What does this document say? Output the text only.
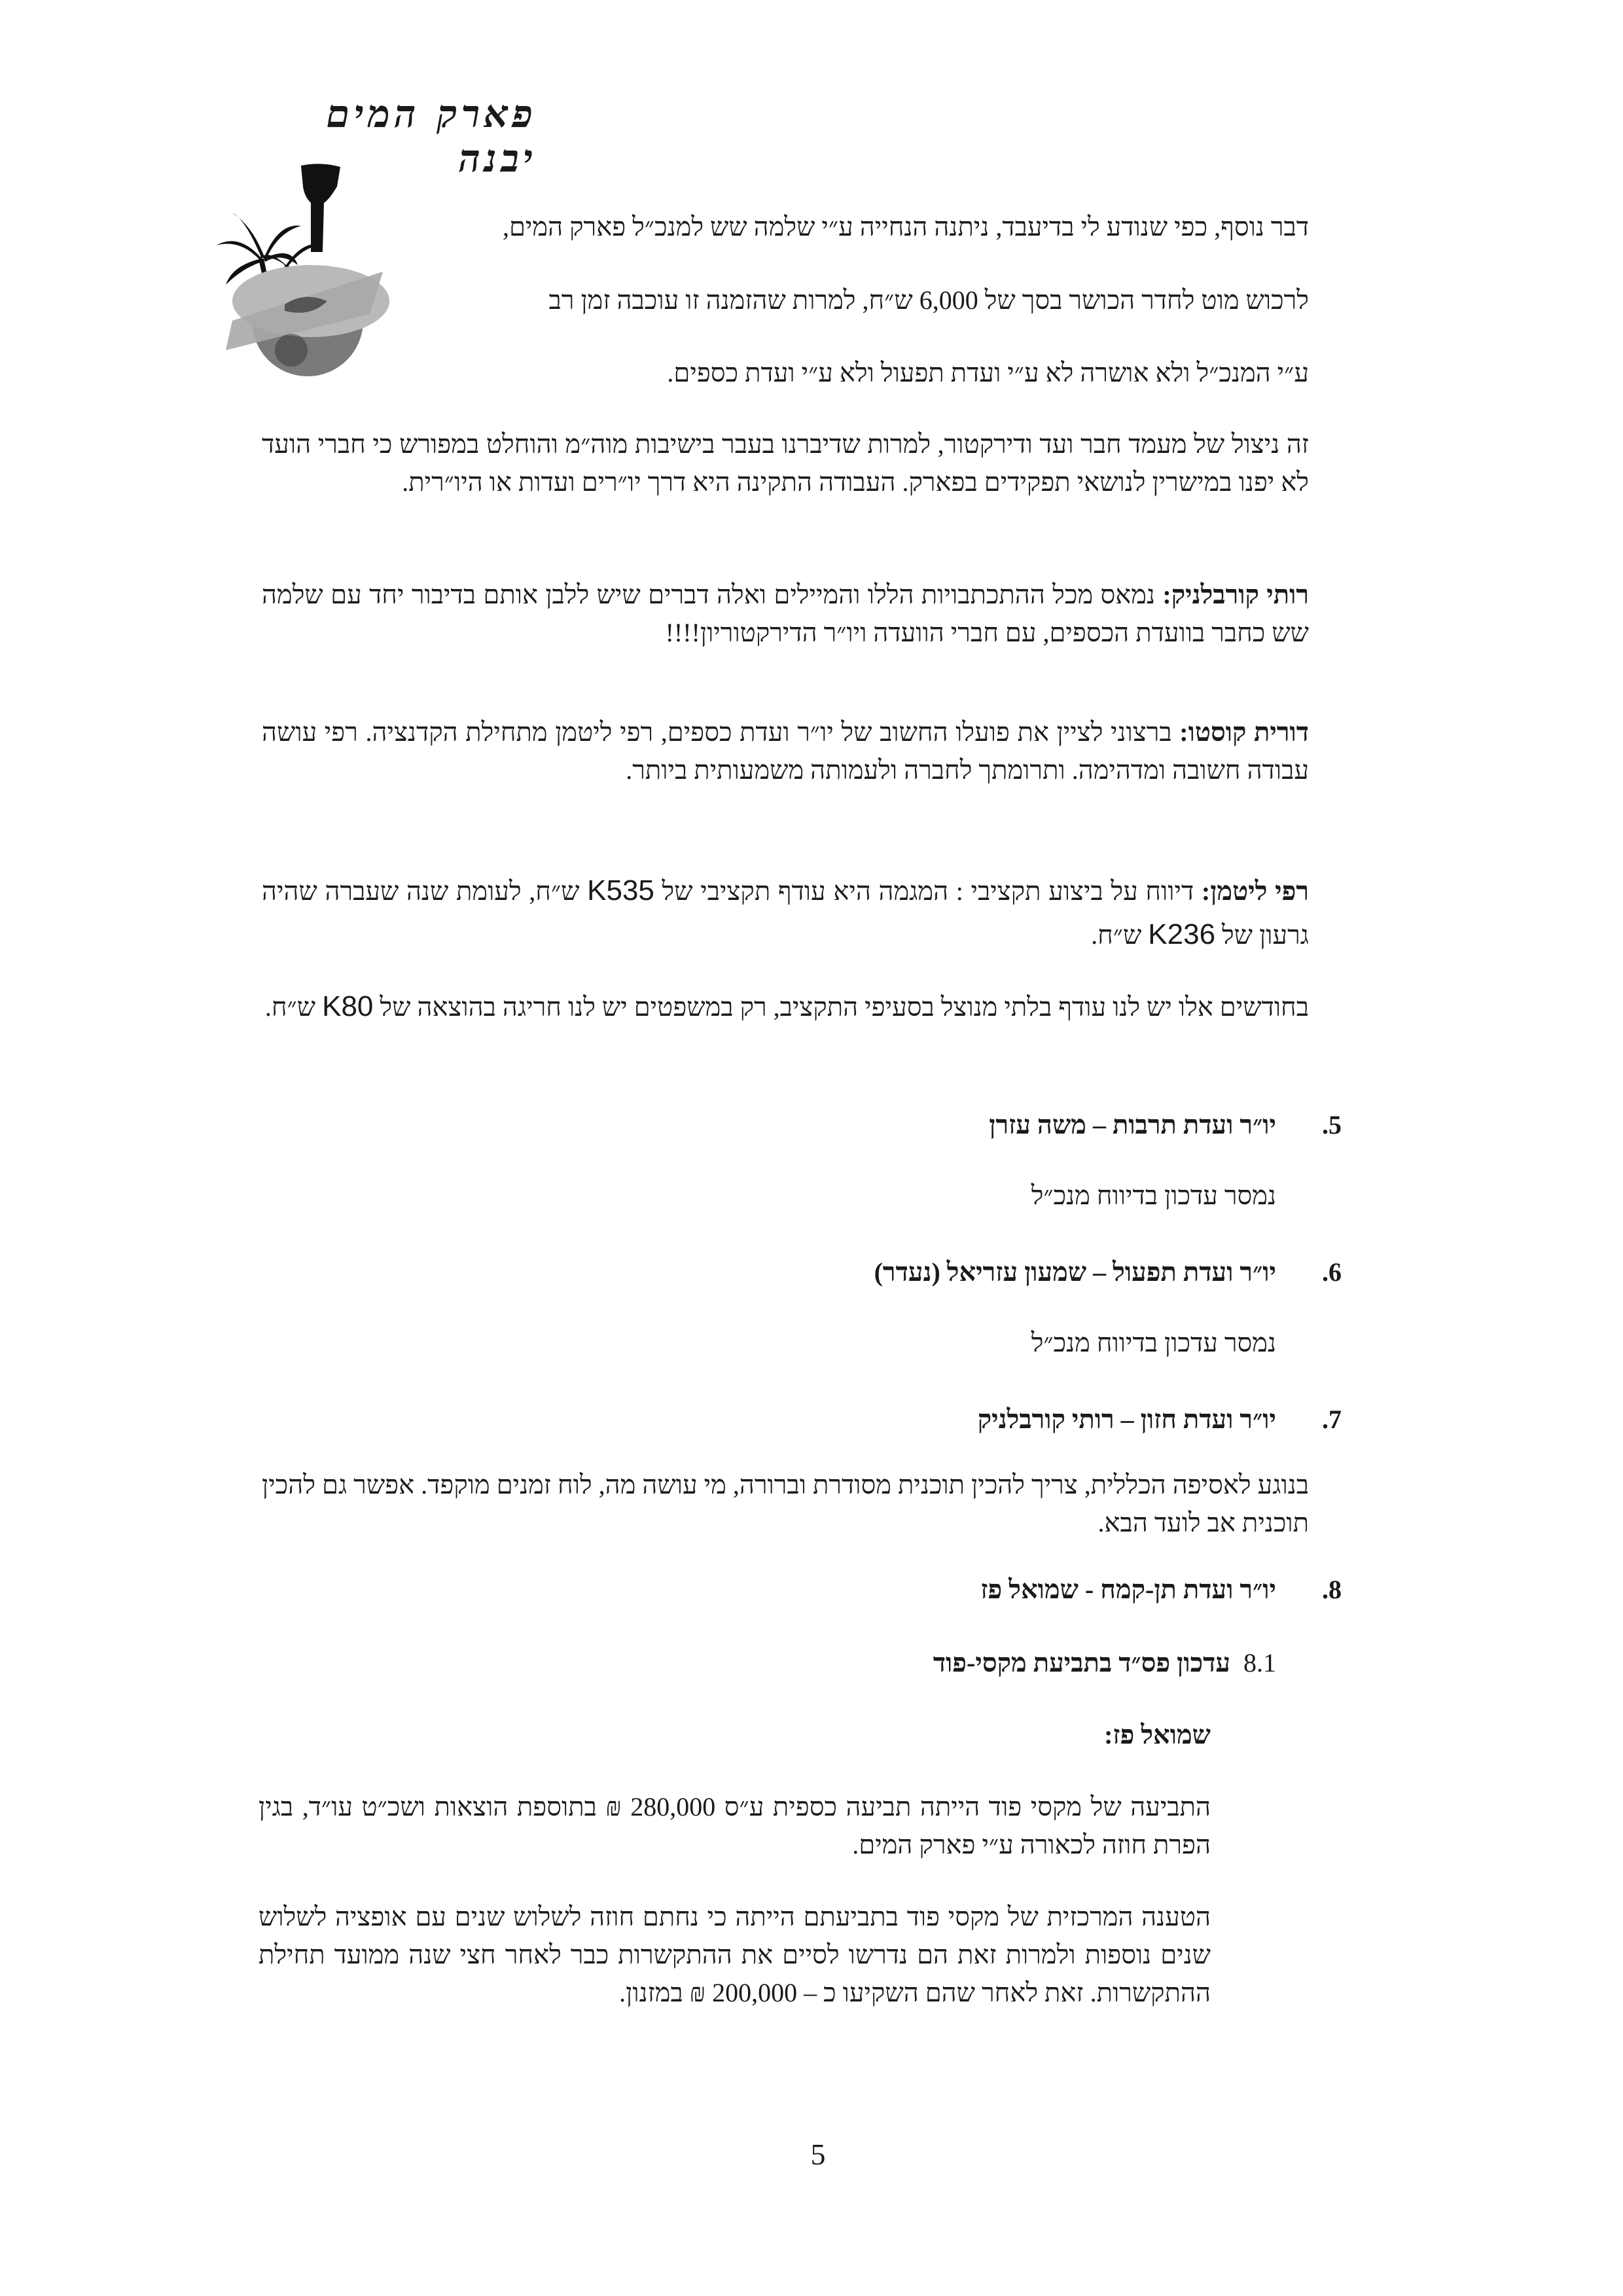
פארק המים יבנה
דבר נוסף, כפי שנודע לי בדיעבד, ניתנה הנחייה ע״י שלמה שש למנכ״ל פארק המים,
לרכוש מוט לחדר הכושר בסך של 6,000 ש״ח, למרות שהזמנה זו עוכבה זמן רב
ע״י המנכ״ל ולא אושרה לא ע״י ועדת תפעול ולא ע״י ועדת כספים.
זה ניצול של מעמד חבר ועד ודירקטור, למרות שדיברנו בעבר בישיבות מוה״מ והוחלט במפורש כי חברי הועד לא יפנו במישרין לנושאי תפקידים בפארק. העבודה התקינה היא דרך יו״רים ועדות או היו״רית.
רותי קורבלניק: נמאס מכל ההתכתבויות הללו והמיילים ואלה דברים שיש ללבן אותם בדיבור יחד עם שלמה שש כחבר בוועדת הכספים, עם חברי הוועדה ויו״ר הדירקטוריון!!!!
דורית קוסטו: ברצוני לציין את פועלו החשוב של יו״ר ועדת כספים, רפי ליטמן מתחילת הקדנציה. רפי עושה עבודה חשובה ומדהימה. ותרומתך לחברה ולעמותה משמעותית ביותר.
רפי ליטמן: דיווח על ביצוע תקציבי : המגמה היא עודף תקציבי של K535 ש״ח, לעומת שנה שעברה שהיה גרעון של K236 ש״ח.
בחודשים אלו יש לנו עודף בלתי מנוצל בסעיפי התקציב, רק במשפטים יש לנו חריגה בהוצאה של K80 ש״ח.
5.   יו״ר ועדת תרבות – משה עזרן
נמסר עדכון בדיווח מנכ״ל
6.   יו״ר ועדת תפעול – שמעון עזריאל (נעדר)
נמסר עדכון בדיווח מנכ״ל
7.   יו״ר ועדת חזון – רותי קורבלניק
בנוגע לאסיפה הכללית, צריך להכין תוכנית מסודרת וברורה, מי עושה מה, לוח זמנים מוקפד. אפשר גם להכין תוכנית אב לועד הבא.
8.   יו״ר ועדת תן-קמח - שמואל פז
8.1  עדכון פס״ד בתביעת מקסי-פוד
שמואל פז:
התביעה של מקסי פוד הייתה תביעה כספית ע״ס 280,000 ₪ בתוספת הוצאות ושכ״ט עו״ד, בגין הפרת חוזה לכאורה ע״י פארק המים.
הטענה המרכזית של מקסי פוד בתביעתם הייתה כי נחתם חוזה לשלוש שנים עם אופציה לשלוש שנים נוספות ולמרות זאת הם נדרשו לסיים את ההתקשרות כבר לאחר חצי שנה ממועד תחילת ההתקשרות. זאת לאחר שהם השקיעו כ – 200,000 ₪ במזנון.
5
